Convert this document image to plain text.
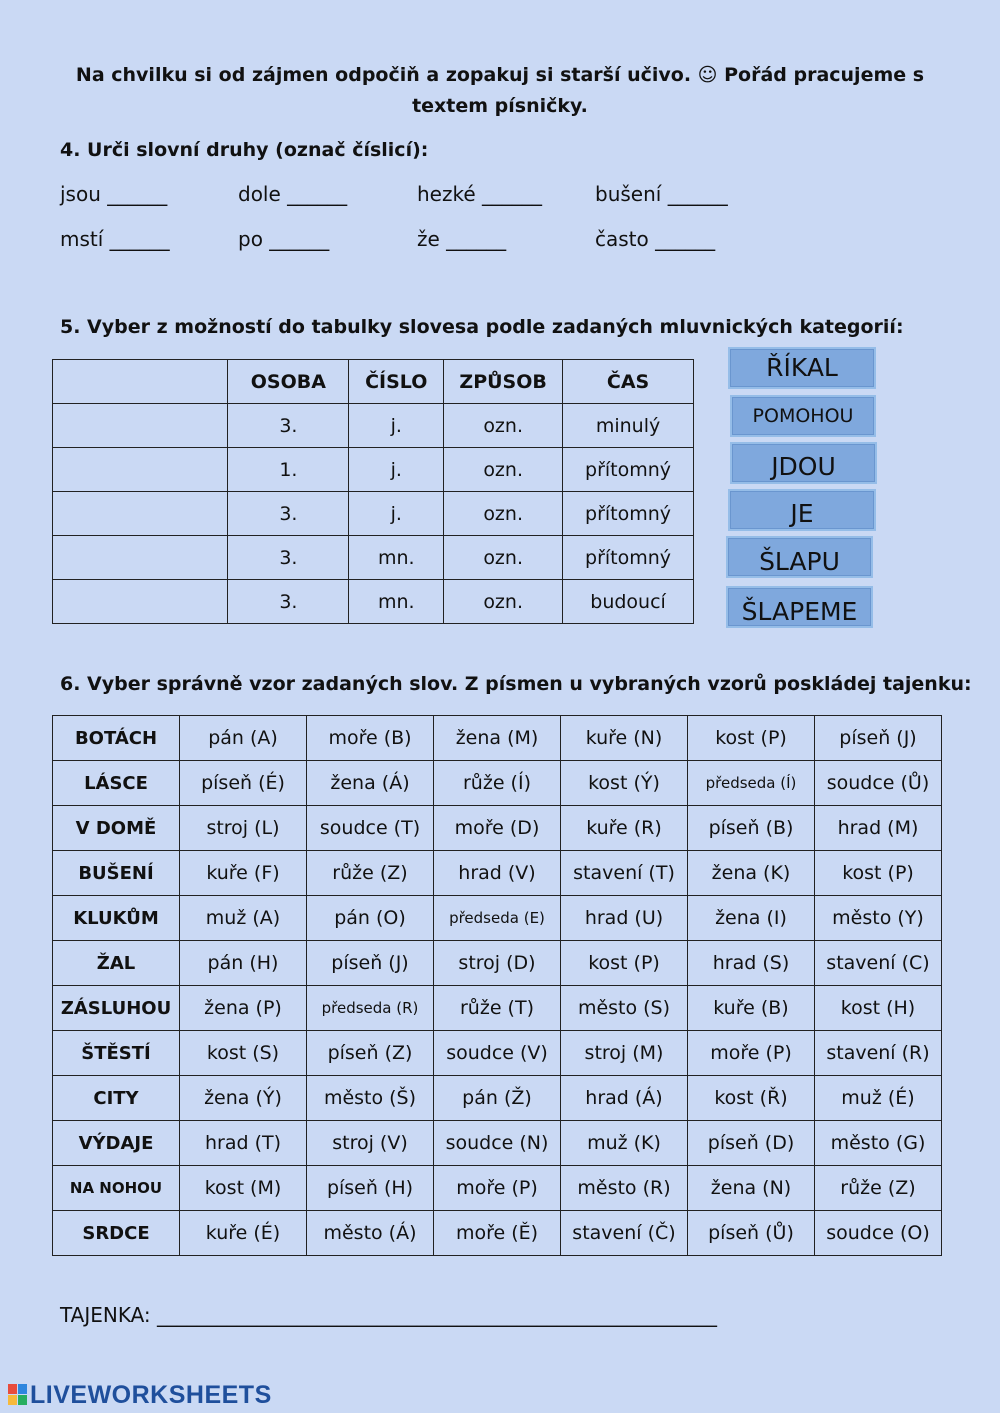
Na chvilku si od zájmen odpočiň a zopakuj si starší učivo. ☺ Pořád pracujeme s textem písničky.
4. Urči slovní druhy (označ číslicí):
jsou ______	dole ______	hezké ______	bušení ______
mstí ______	po ______	že ______	často ______
5. Vyber z možností do tabulky slovesa podle zadaných mluvnických kategorií:
	OSOBA	ČÍSLO	ZPŮSOB	ČAS
	3.	j.	ozn.	minulý
	1.	j.	ozn.	přítomný
	3.	j.	ozn.	přítomný
	3.	mn.	ozn.	přítomný
	3.	mn.	ozn.	budoucí
ŘÍKAL
POMOHOU
JDOU
JE
ŠLAPU
ŠLAPEME
6. Vyber správně vzor zadaných slov. Z písmen u vybraných vzorů poskládej tajenku:
BOTÁCH	pán (A)	moře (B)	žena (M)	kuře (N)	kost (P)	píseň (J)
LÁSCE	píseň (É)	žena (Á)	růže (Í)	kost (Ý)	předseda (Í)	soudce (Ů)
V DOMĚ	stroj (L)	soudce (T)	moře (D)	kuře (R)	píseň (B)	hrad (M)
BUŠENÍ	kuře (F)	růže (Z)	hrad (V)	stavení (T)	žena (K)	kost (P)
KLUKŮM	muž (A)	pán (O)	předseda (E)	hrad (U)	žena (I)	město (Y)
ŽAL	pán (H)	píseň (J)	stroj (D)	kost (P)	hrad (S)	stavení (C)
ZÁSLUHOU	žena (P)	předseda (R)	růže (T)	město (S)	kuře (B)	kost (H)
ŠTĚSTÍ	kost (S)	píseň (Z)	soudce (V)	stroj (M)	moře (P)	stavení (R)
CITY	žena (Ý)	město (Š)	pán (Ž)	hrad (Á)	kost (Ř)	muž (É)
VÝDAJE	hrad (T)	stroj (V)	soudce (N)	muž (K)	píseň (D)	město (G)
NA NOHOU	kost (M)	píseň (H)	moře (P)	město (R)	žena (N)	růže (Z)
SRDCE	kuře (É)	město (Á)	moře (Ě)	stavení (Č)	píseň (Ů)	soudce (O)
TAJENKA: ________________________________________________________
LIVEWORKSHEETS
